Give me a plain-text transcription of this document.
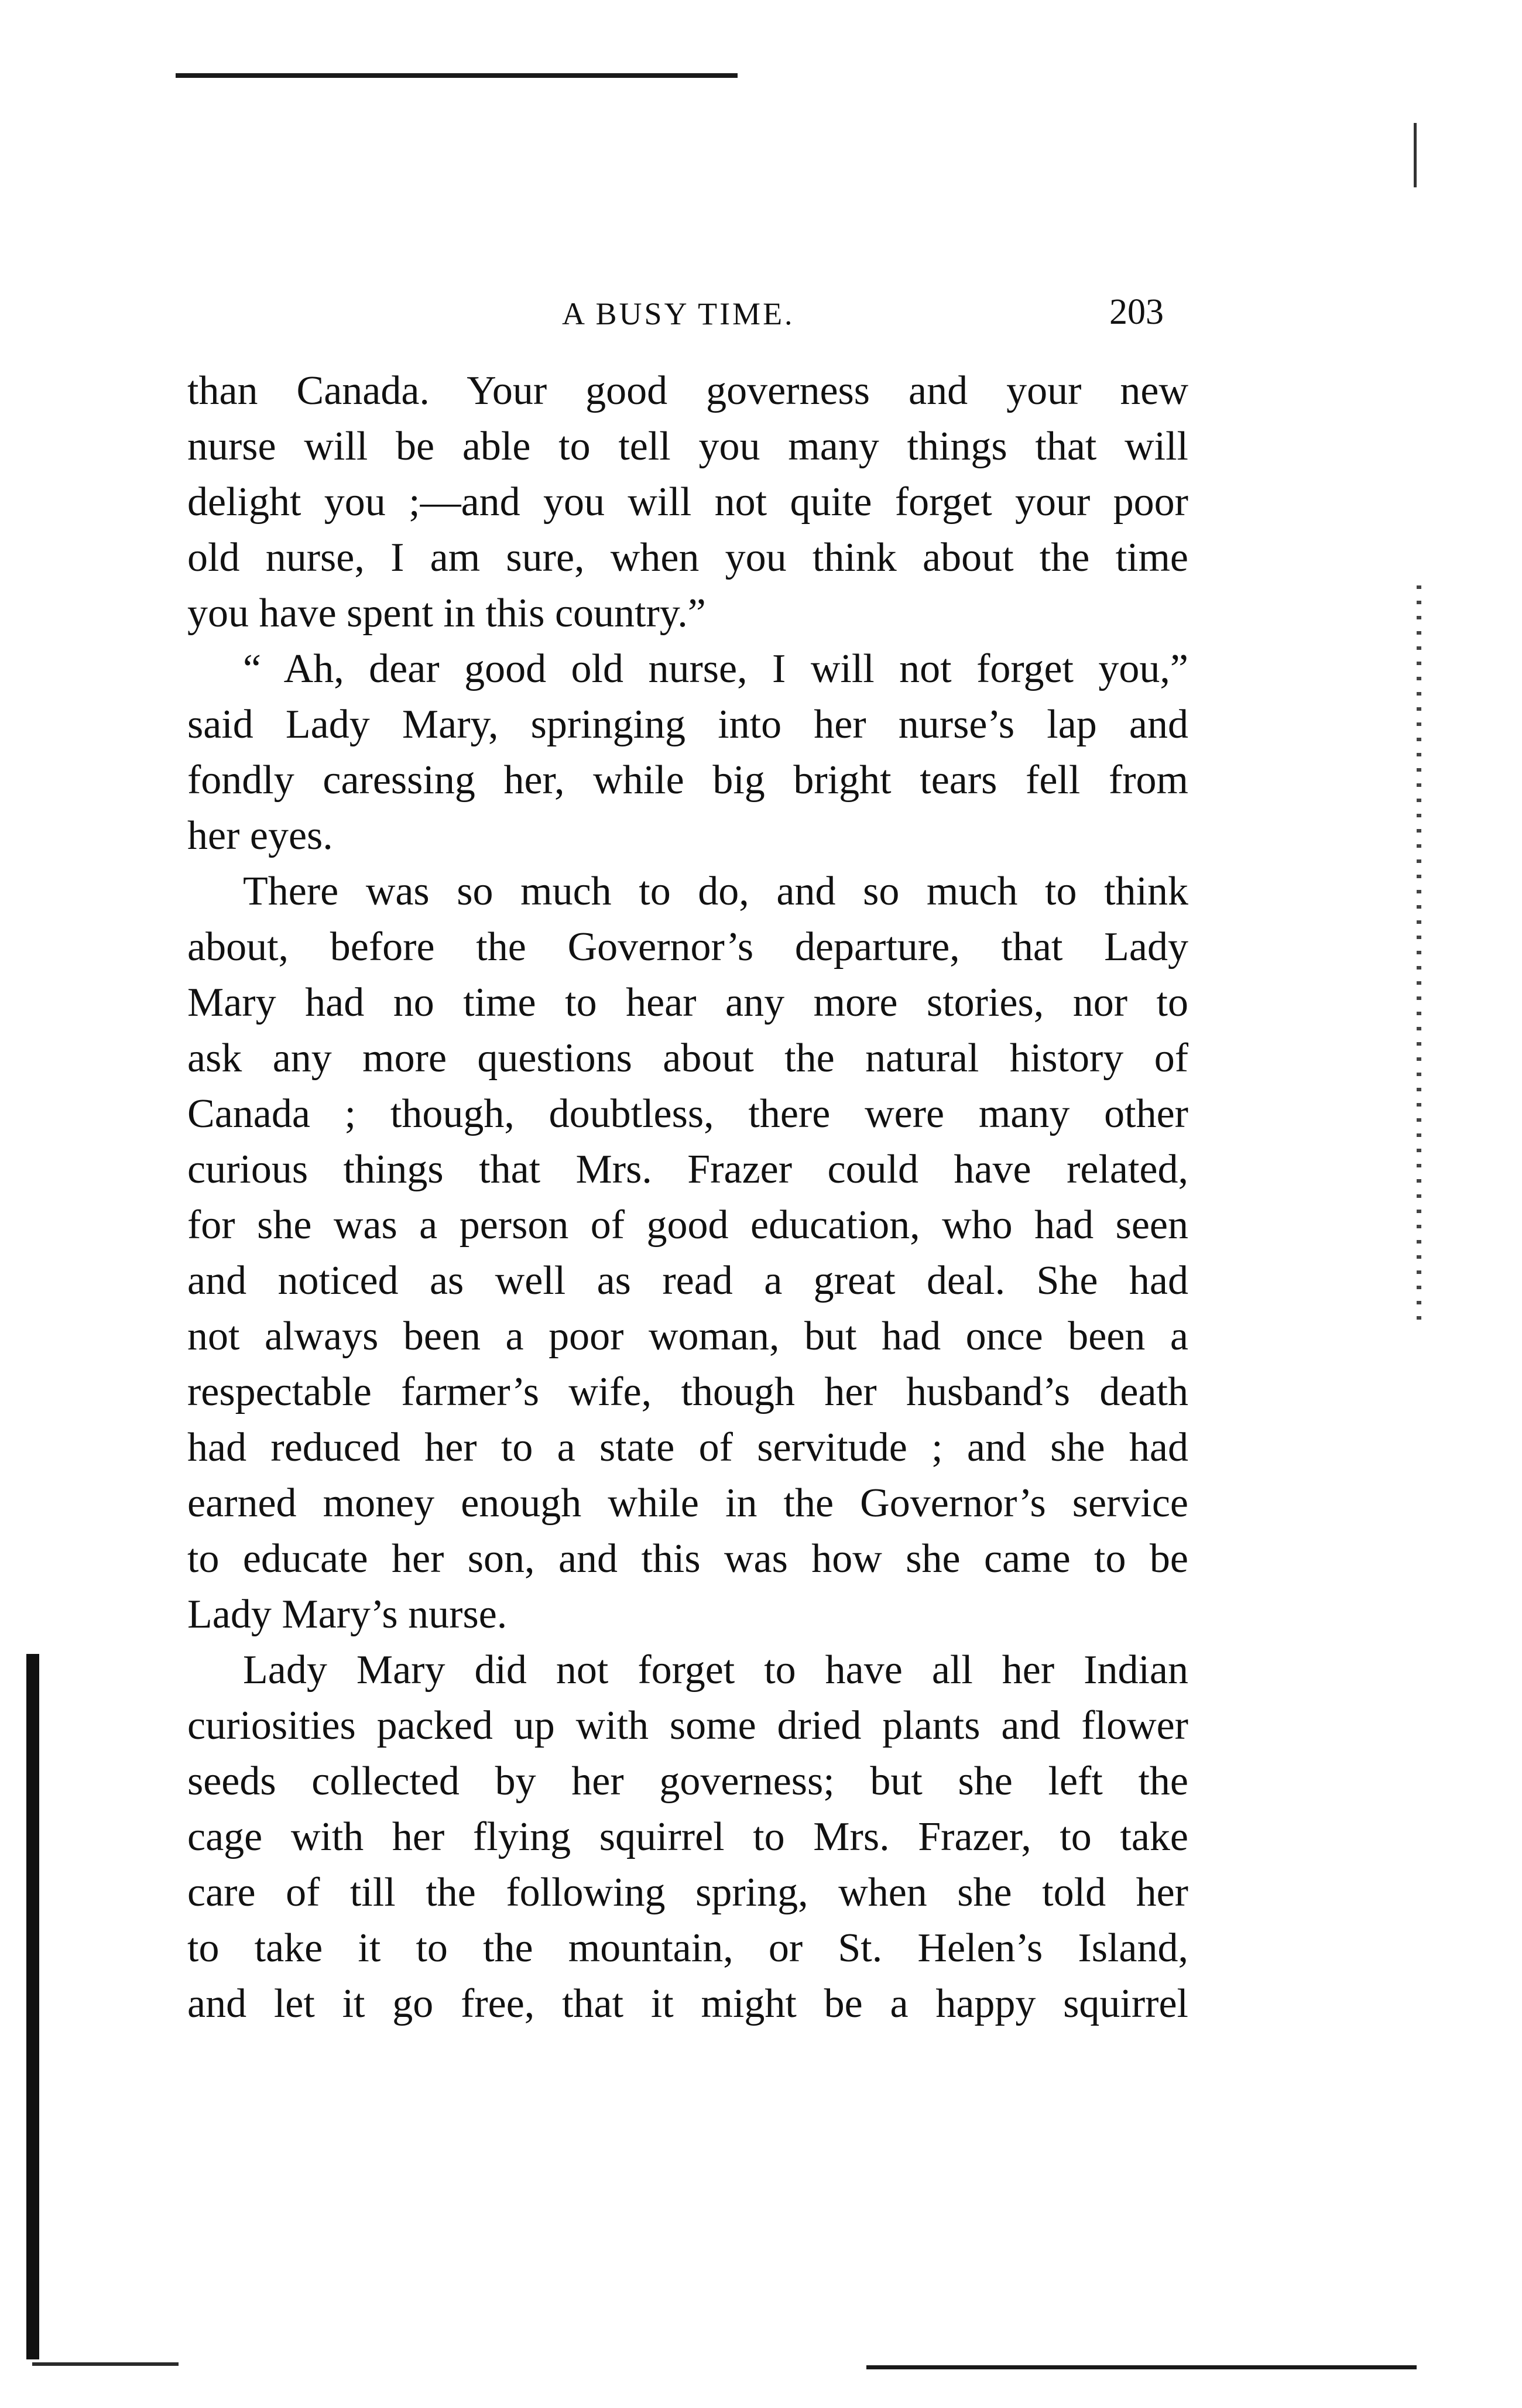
A BUSY TIME.	203
than Canada. Your good governess and your new
nurse will be able to tell you many things that will
delight you ;—and you will not quite forget your poor
old nurse, I am sure, when you think about the time
you have spent in this country.”
“ Ah, dear good old nurse, I will not forget you,”
said Lady Mary, springing into her nurse’s lap and
fondly caressing her, while big bright tears fell from
her eyes.
There was so much to do, and so much to think
about, before the Governor’s departure, that Lady
Mary had no time to hear any more stories, nor to
ask any more questions about the natural history of
Canada ; though, doubtless, there were many other
curious things that Mrs. Frazer could have related,
for she was a person of good education, who had seen
and noticed as well as read a great deal. She had
not always been a poor woman, but had once been a
respectable farmer’s wife, though her husband’s death
had reduced her to a state of servitude ; and she had
earned money enough while in the Governor’s service
to educate her son, and this was how she came to be
Lady Mary’s nurse.
Lady Mary did not forget to have all her Indian
curiosities packed up with some dried plants and flower
seeds collected by her governess; but she left the
cage with her flying squirrel to Mrs. Frazer, to take
care of till the following spring, when she told her
to take it to the mountain, or St. Helen’s Island,
and let it go free, that it might be a happy squirrel
